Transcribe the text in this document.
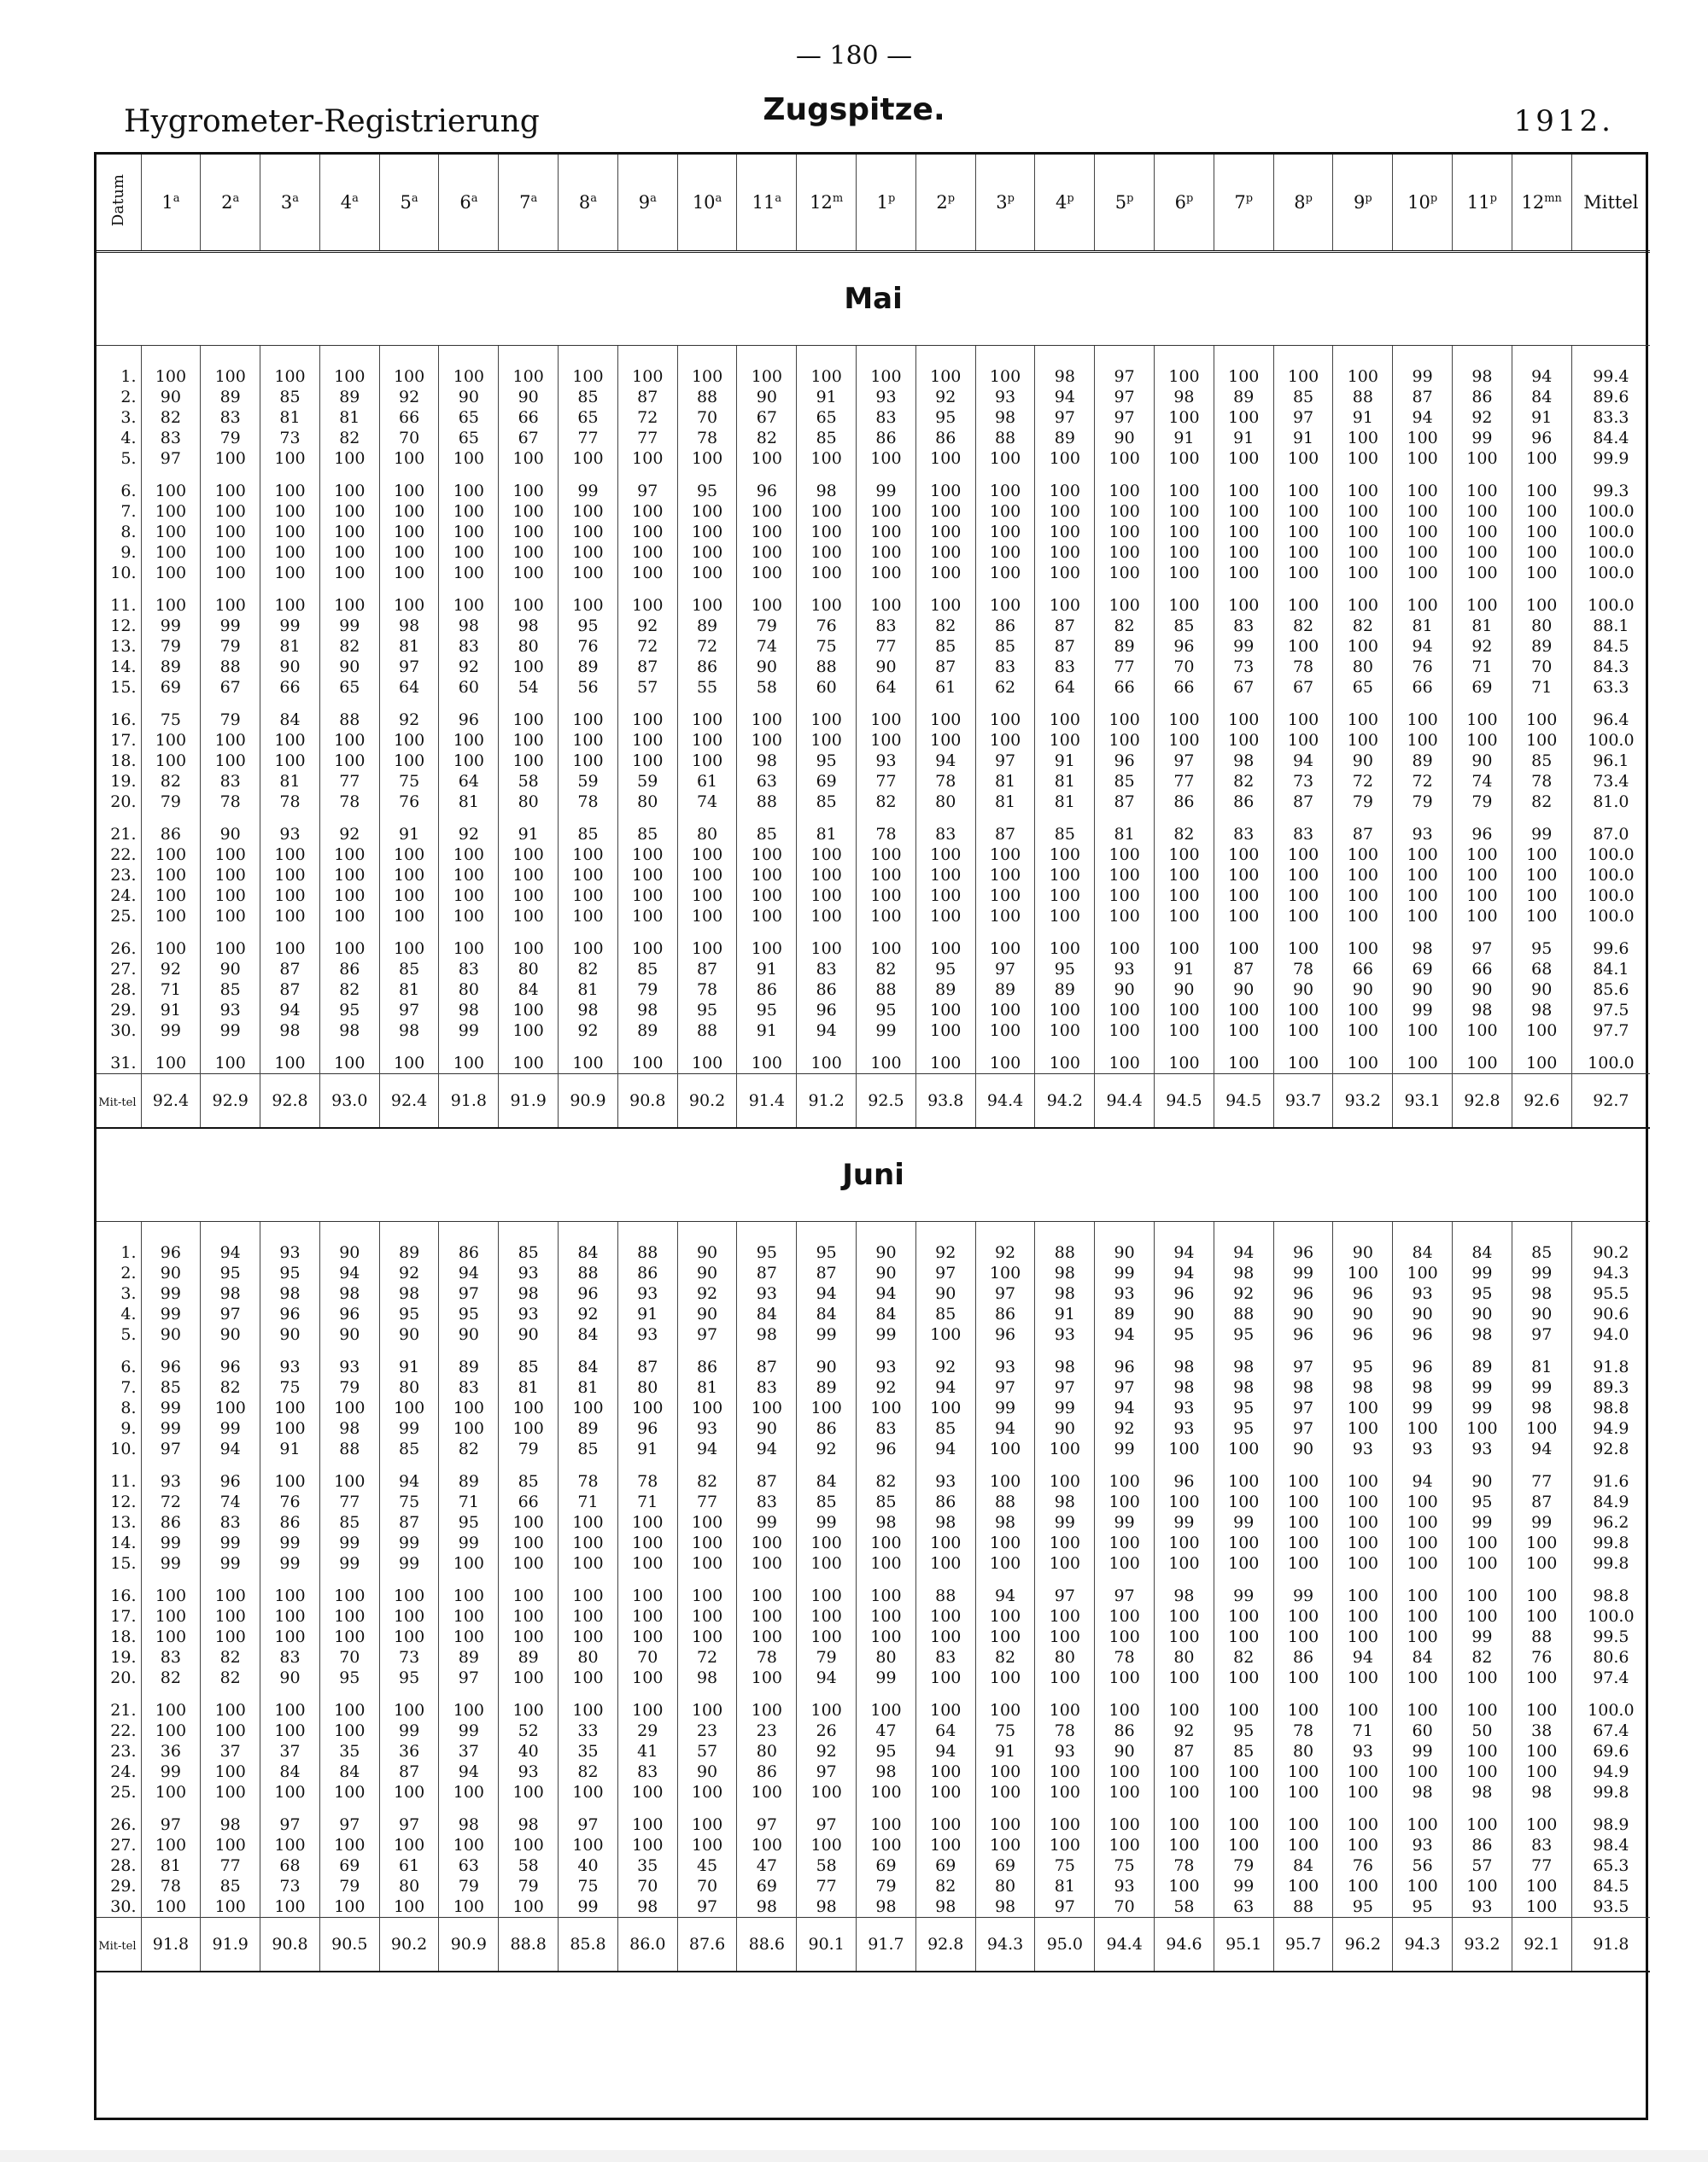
— 180 —
Hygrometer-Registrierung	Zugspitze.	1912.
Datum	1$^a$	2$^a$	3$^a$	4$^a$	5$^a$	6$^a$	7$^a$	8$^a$	9$^a$	10$^a$	11$^a$	12$^m$	1$^p$	2$^p$	3$^p$	4$^p$	5$^p$	6$^p$	7$^p$	8$^p$	9$^p$	10$^p$	11$^p$	$12^{mn}$	Mittel
Mai																									

1.	100	100	100	100	100	100	100	100	100	100	100	100	100	100	100	98	97	100	100	100	100	99	98	94	99.4
2.	90	89	85	89	92	90	90	85	87	88	90	91	93	92	93	94	97	98	89	85	88	87	86	84	89.6
3.	82	83	81	81	66	65	66	65	72	70	67	65	83	95	98	97	97	100	100	97	91	94	92	91	83.3
4.	83	79	73	82	70	65	67	77	77	78	82	85	86	86	88	89	90	91	91	91	100	100	99	96	84.4
5.	97	100	100	100	100	100	100	100	100	100	100	100	100	100	100	100	100	100	100	100	100	100	100	100	99.9
6.	100	100	100	100	100	100	100	99	97	95	96	98	99	100	100	100	100	100	100	100	100	100	100	100	99.3
7.	100	100	100	100	100	100	100	100	100	100	100	100	100	100	100	100	100	100	100	100	100	100	100	100	100.0
8.	100	100	100	100	100	100	100	100	100	100	100	100	100	100	100	100	100	100	100	100	100	100	100	100	100.0
9.	100	100	100	100	100	100	100	100	100	100	100	100	100	100	100	100	100	100	100	100	100	100	100	100	100.0
10.	100	100	100	100	100	100	100	100	100	100	100	100	100	100	100	100	100	100	100	100	100	100	100	100	100.0
11.	100	100	100	100	100	100	100	100	100	100	100	100	100	100	100	100	100	100	100	100	100	100	100	100	100.0
12.	99	99	99	99	98	98	98	95	92	89	79	76	83	82	86	87	82	85	83	82	82	81	81	80	88.1
13.	79	79	81	82	81	83	80	76	72	72	74	75	77	85	85	87	89	96	99	100	100	94	92	89	84.5
14.	89	88	90	90	97	92	100	89	87	86	90	88	90	87	83	83	77	70	73	78	80	76	71	70	84.3
15.	69	67	66	65	64	60	54	56	57	55	58	60	64	61	62	64	66	66	67	67	65	66	69	71	63.3
16.	75	79	84	88	92	96	100	100	100	100	100	100	100	100	100	100	100	100	100	100	100	100	100	100	96.4
17.	100	100	100	100	100	100	100	100	100	100	100	100	100	100	100	100	100	100	100	100	100	100	100	100	100.0
18.	100	100	100	100	100	100	100	100	100	100	98	95	93	94	97	91	96	97	98	94	90	89	90	85	96.1
19.	82	83	81	77	75	64	58	59	59	61	63	69	77	78	81	81	85	77	82	73	72	72	74	78	73.4
20.	79	78	78	78	76	81	80	78	80	74	88	85	82	80	81	81	87	86	86	87	79	79	79	82	81.0
21.	86	90	93	92	91	92	91	85	85	80	85	81	78	83	87	85	81	82	83	83	87	93	96	99	87.0
22.	100	100	100	100	100	100	100	100	100	100	100	100	100	100	100	100	100	100	100	100	100	100	100	100	100.0
23.	100	100	100	100	100	100	100	100	100	100	100	100	100	100	100	100	100	100	100	100	100	100	100	100	100.0
24.	100	100	100	100	100	100	100	100	100	100	100	100	100	100	100	100	100	100	100	100	100	100	100	100	100.0
25.	100	100	100	100	100	100	100	100	100	100	100	100	100	100	100	100	100	100	100	100	100	100	100	100	100.0
26.	100	100	100	100	100	100	100	100	100	100	100	100	100	100	100	100	100	100	100	100	100	98	97	95	99.6
27.	92	90	87	86	85	83	80	82	85	87	91	83	82	95	97	95	93	91	87	78	66	69	66	68	84.1
28.	71	85	87	82	81	80	84	81	79	78	86	86	88	89	89	89	90	90	90	90	90	90	90	90	85.6
29.	91	93	94	95	97	98	100	98	98	95	95	96	95	100	100	100	100	100	100	100	100	99	98	98	97.5
30.	99	99	98	98	98	99	100	92	89	88	91	94	99	100	100	100	100	100	100	100	100	100	100	100	97.7
31.	100	100	100	100	100	100	100	100	100	100	100	100	100	100	100	100	100	100	100	100	100	100	100	100	100.0
Mit-tel	92.4	92.9	92.8	93.0	92.4	91.8	91.9	90.9	90.8	90.2	91.4	91.2	92.5	93.8	94.4	94.2	94.4	94.5	94.5	93.7	93.2	93.1	92.8	92.6	92.7
Juni																									

1.	96	94	93	90	89	86	85	84	88	90	95	95	90	92	92	88	90	94	94	96	90	84	84	85	90.2
2.	90	95	95	94	92	94	93	88	86	90	87	87	90	97	100	98	99	94	98	99	100	100	99	99	94.3
3.	99	98	98	98	98	97	98	96	93	92	93	94	94	90	97	98	93	96	92	96	96	93	95	98	95.5
4.	99	97	96	96	95	95	93	92	91	90	84	84	84	85	86	91	89	90	88	90	90	90	90	90	90.6
5.	90	90	90	90	90	90	90	84	93	97	98	99	99	100	96	93	94	95	95	96	96	96	98	97	94.0
6.	96	96	93	93	91	89	85	84	87	86	87	90	93	92	93	98	96	98	98	97	95	96	89	81	91.8
7.	85	82	75	79	80	83	81	81	80	81	83	89	92	94	97	97	97	98	98	98	98	98	99	99	89.3
8.	99	100	100	100	100	100	100	100	100	100	100	100	100	100	99	99	94	93	95	97	100	99	99	98	98.8
9.	99	99	100	98	99	100	100	89	96	93	90	86	83	85	94	90	92	93	95	97	100	100	100	100	94.9
10.	97	94	91	88	85	82	79	85	91	94	94	92	96	94	100	100	99	100	100	90	93	93	93	94	92.8
11.	93	96	100	100	94	89	85	78	78	82	87	84	82	93	100	100	100	96	100	100	100	94	90	77	91.6
12.	72	74	76	77	75	71	66	71	71	77	83	85	85	86	88	98	100	100	100	100	100	100	95	87	84.9
13.	86	83	86	85	87	95	100	100	100	100	99	99	98	98	98	99	99	99	99	100	100	100	99	99	96.2
14.	99	99	99	99	99	99	100	100	100	100	100	100	100	100	100	100	100	100	100	100	100	100	100	100	99.8
15.	99	99	99	99	99	100	100	100	100	100	100	100	100	100	100	100	100	100	100	100	100	100	100	100	99.8
16.	100	100	100	100	100	100	100	100	100	100	100	100	100	88	94	97	97	98	99	99	100	100	100	100	98.8
17.	100	100	100	100	100	100	100	100	100	100	100	100	100	100	100	100	100	100	100	100	100	100	100	100	100.0
18.	100	100	100	100	100	100	100	100	100	100	100	100	100	100	100	100	100	100	100	100	100	100	99	88	99.5
19.	83	82	83	70	73	89	89	80	70	72	78	79	80	83	82	80	78	80	82	86	94	84	82	76	80.6
20.	82	82	90	95	95	97	100	100	100	98	100	94	99	100	100	100	100	100	100	100	100	100	100	100	97.4
21.	100	100	100	100	100	100	100	100	100	100	100	100	100	100	100	100	100	100	100	100	100	100	100	100	100.0
22.	100	100	100	100	99	99	52	33	29	23	23	26	47	64	75	78	86	92	95	78	71	60	50	38	67.4
23.	36	37	37	35	36	37	40	35	41	57	80	92	95	94	91	93	90	87	85	80	93	99	100	100	69.6
24.	99	100	84	84	87	94	93	82	83	90	86	97	98	100	100	100	100	100	100	100	100	100	100	100	94.9
25.	100	100	100	100	100	100	100	100	100	100	100	100	100	100	100	100	100	100	100	100	100	98	98	98	99.8
26.	97	98	97	97	97	98	98	97	100	100	97	97	100	100	100	100	100	100	100	100	100	100	100	100	98.9
27.	100	100	100	100	100	100	100	100	100	100	100	100	100	100	100	100	100	100	100	100	100	93	86	83	98.4
28.	81	77	68	69	61	63	58	40	35	45	47	58	69	69	69	75	75	78	79	84	76	56	57	77	65.3
29.	78	85	73	79	80	79	79	75	70	70	69	77	79	82	80	81	93	100	99	100	100	100	100	100	84.5
30.	100	100	100	100	100	100	100	99	98	97	98	98	98	98	98	97	70	58	63	88	95	95	93	100	93.5
Mit-tel	91.8	91.9	90.8	90.5	90.2	90.9	88.8	85.8	86.0	87.6	88.6	90.1	91.7	92.8	94.3	95.0	94.4	94.6	95.1	95.7	96.2	94.3	93.2	92.1	91.8
